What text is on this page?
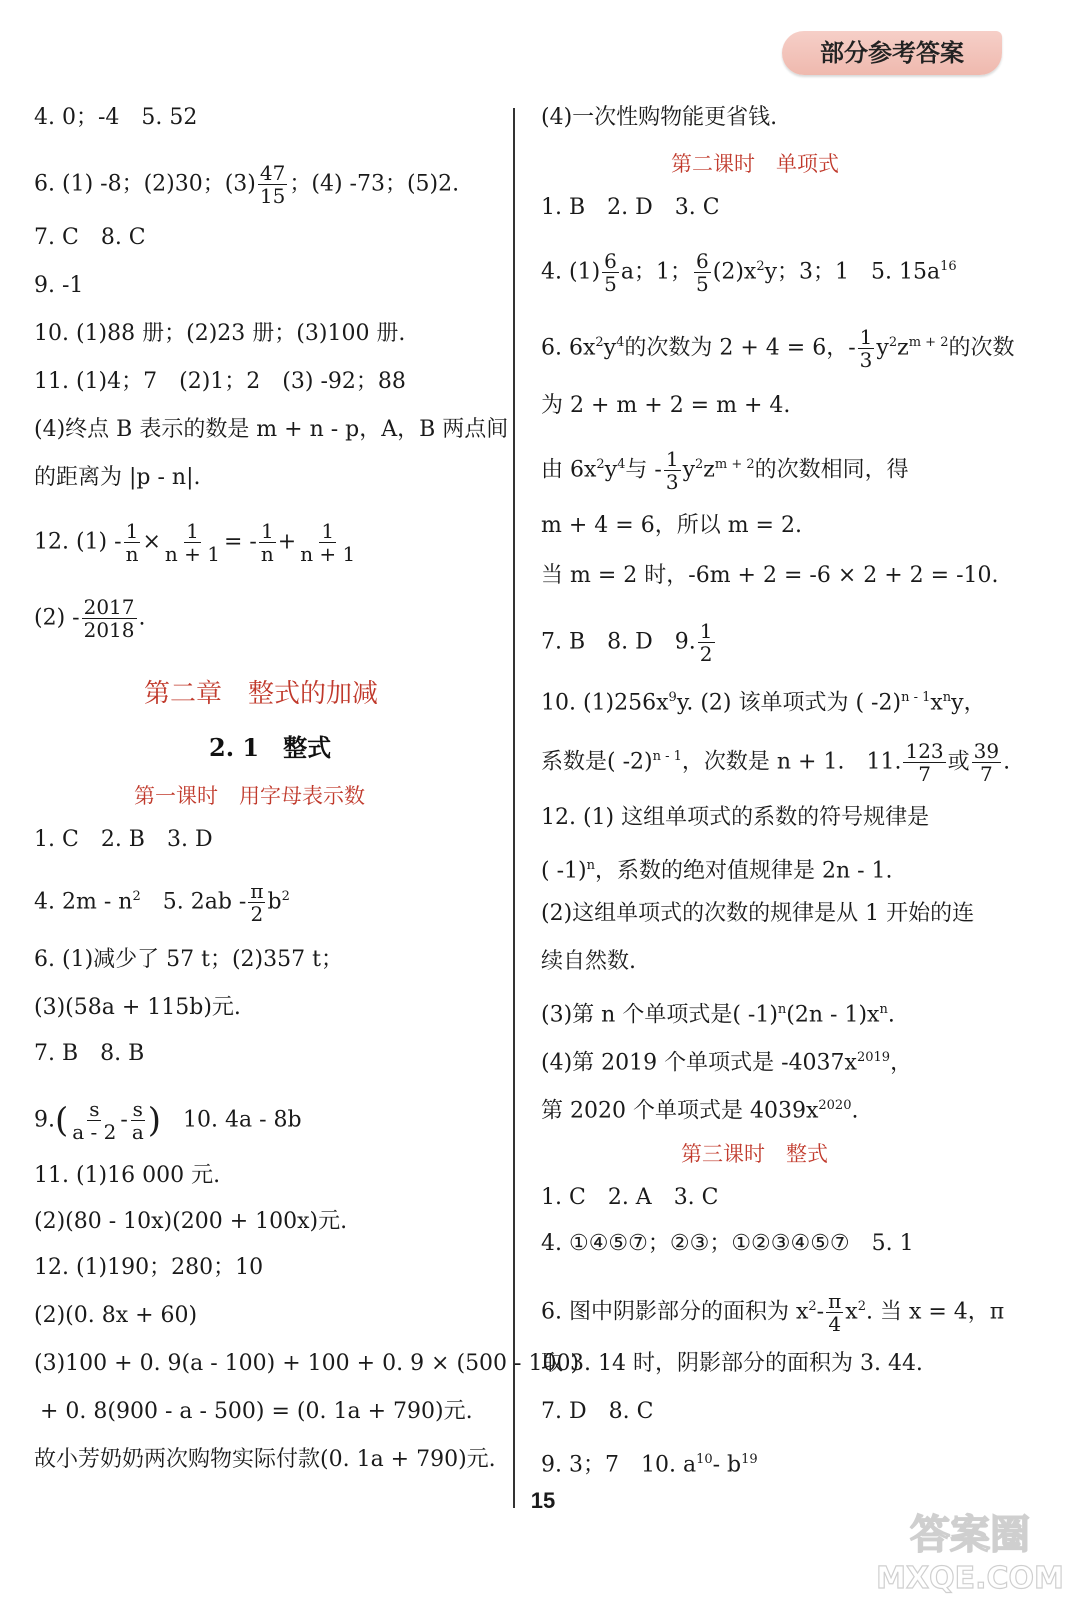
部分参考答案
4. 0；-4　5. 52
6. (1) -8；(2)30；$(3) \frac{47}{15}$ ；(4) -73；(5)2.
7. C　8. C
9. -1
10. (1)88 册；(2)23 册；(3)100 册.
11. (1)4；7　(2)1；2　(3) -92；88
(4)终点 B 表示的数是 m + n - p，A，B 两点间
的距离为 |p - n|.
12. $(1) - \frac{1}{n} \times \frac{1}{n + 1}$ = - $\frac{1}{n} + \frac{1}{n + 1}$
$(2) - \frac{2017}{2018}$ .
第二章　整式的加减
2. 1　整式
第一课时　用字母表示数
1. C　2. B　3. D
4. $2m - n^2$　5. $2ab - \frac{\pi}{2} b^2$
6. (1)减少了 57 t；(2)357 t；
(3)(58a + 115b)元.
7. B　8. B
$9.( \frac{s}{a - 2} - \frac{s}{a}$ )　10. 4a - 8b
11. (1)16 000 元.
(2)(80 - 10x)(200 + 100x)元.
12. (1)190；280；10
(2)(0. 8x + 60)
(3)100 + 0. 9(a - 100) + 100 + 0. 9 × (500 - 100)
+ 0. 8(900 - a - 500) = (0. 1a + 790)元.
故小芳奶奶两次购物实际付款(0. 1a + 790)元.
(4)一次性购物能更省钱.
第二课时　单项式
1. B　2. D　3. C
4. $(1) \frac{6}{5}$ a；1； $\frac{6}{5} (2)x^2y$；3；1　5. $15a^{16}$
6. $6x^2y^4$的次数为 2 + 4 = 6，- $\frac{1}{3} y^2z^{m + 2}$的次数
为 2 + m + 2 = m + 4.
由 $6x^2y^4$与 - $\frac{1}{3} y^2z^{m + 2}$的次数相同，得
m + 4 = 6，所以 m = 2.
当 m = 2 时，-6m + 2 = -6 × 2 + 2 = -10.
7. B　8. D　9. $\frac{1}{2}$
10. $(1)256x^9y$. (2) 该单项式为 ( $-2)^{n - 1}x^ny$，
系数是( -2)$^{n - 1}$，次数是 n + 1.　11. $\frac{123}{7}$ 或 $\frac{39}{7}$ .
12. (1) 这组单项式的系数的符号规律是
( -1)$^n$，系数的绝对值规律是 2n - 1.
(2)这组单项式的次数的规律是从 1 开始的连
续自然数.
(3)第 n 个单项式是( $-1)^n(2n - 1)x^n$.
(4)第 2019 个单项式是 $-4037x^{2019}$，
第 2020 个单项式是 $4039x^{2020}$.
第三课时　整式
1. C　2. A　3. C
4. ①④⑤⑦；②③；①②③④⑤⑦　5. 1
6. 图中阴影部分的面积为 $x^2- \frac{\pi}{4} x^2$. 当 x = 4，π
取 3. 14 时，阴影部分的面积为 3. 44.
7. D　8. C
9. 3；7　10. $a^{10}-$ $b^{19}$
15
答案圈
MXQE.COM
